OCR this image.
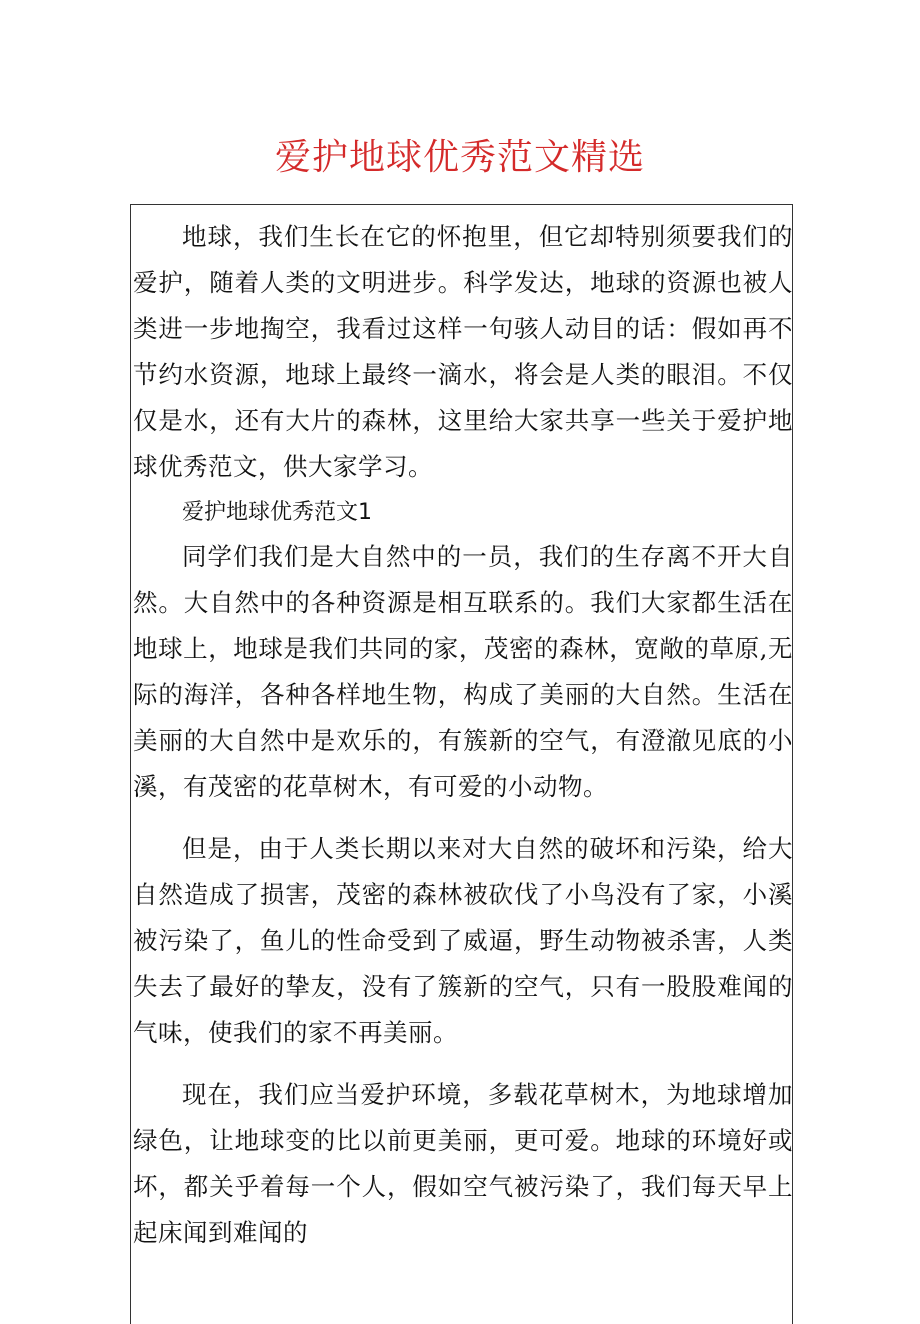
爱护地球优秀范文精选

地球，我们生长在它的怀抱里，但它却特别须要我们的爱护，随着人类的文明进步。科学发达，地球的资源也被人类进一步地掏空，我看过这样一句骇人动目的话：假如再不节约水资源，地球上最终一滴水，将会是人类的眼泪。不仅仅是水，还有大片的森林，这里给大家共享一些关于爱护地球优秀范文，供大家学习。

爱护地球优秀范文1

同学们我们是大自然中的一员，我们的生存离不开大自然。大自然中的各种资源是相互联系的。我们大家都生活在地球上，地球是我们共同的家，茂密的森林，宽敞的草原,无际的海洋，各种各样地生物，构成了美丽的大自然。生活在美丽的大自然中是欢乐的，有簇新的空气，有澄澈见底的小溪，有茂密的花草树木，有可爱的小动物。

但是，由于人类长期以来对大自然的破坏和污染，给大自然造成了损害，茂密的森林被砍伐了小鸟没有了家，小溪被污染了，鱼儿的性命受到了威逼，野生动物被杀害，人类失去了最好的挚友，没有了簇新的空气，只有一股股难闻的气味，使我们的家不再美丽。

现在，我们应当爱护环境，多载花草树木，为地球增加绿色，让地球变的比以前更美丽，更可爱。地球的环境好或坏，都关乎着每一个人，假如空气被污染了，我们每天早上起床闻到难闻的
